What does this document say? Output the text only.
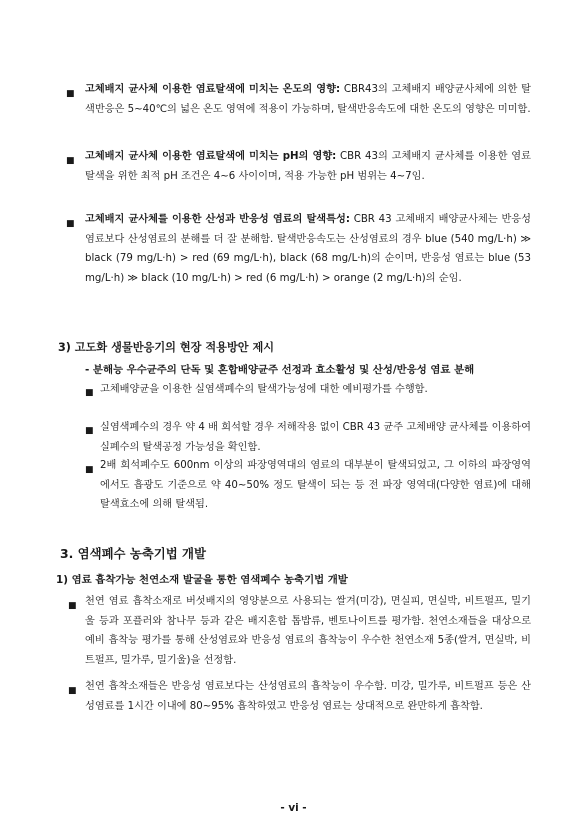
■ 고체배지 균사체 이용한 염료탈색에 미치는 온도의 영향: CBR43의 고체배지 배양균사체에 의한 탈색반응은 5~40℃의 넓은 온도 영역에 적용이 가능하며, 탈색반응속도에 대한 온도의 영향은 미미함.
■ 고체배지 균사체 이용한 염료탈색에 미치는 pH의 영향: CBR 43의 고체배지 균사체를 이용한 염료 탈색을 위한 최적 pH 조건은 4~6 사이이며, 적용 가능한 pH 범위는 4~7임.
■ 고체배지 균사체를 이용한 산성과 반응성 염료의 탈색특성: CBR 43 고체배지 배양균사체는 반응성 염료보다 산성염료의 분해를 더 잘 분해함. 탈색반응속도는 산성염료의 경우 blue (540 mg/L·h) ≫ black (79 mg/L·h) > red (69 mg/L·h), black (68 mg/L·h)의 순이며, 반응성 염료는 blue (53 mg/L·h) ≫ black (10 mg/L·h) > red (6 mg/L·h) > orange (2 mg/L·h)의 순임.
3) 고도화 생물반응기의 현장 적용방안 제시
- 분해능 우수균주의 단독 및 혼합배양균주 선정과 효소활성 및 산성/반응성 염료 분해
■ 고체배양균을 이용한 실염색폐수의 탈색가능성에 대한 예비평가를 수행함.
■ 실염색폐수의 경우 약 4 배 희석할 경우 저해작용 없이 CBR 43 균주 고체배양 균사체를 이용하여 실폐수의 탈색공정 가능성을 확인함.
■ 2배 희석폐수도 600nm 이상의 파장영역대의 염료의 대부분이 탈색되었고, 그 이하의 파장영역에서도 흡광도 기준으로 약 40~50% 정도 탈색이 되는 등 전 파장 영역대(다양한 염료)에 대해 탈색효소에 의해 탈색됨.
3. 염색폐수 농축기법 개발
1) 염료 흡착가능 천연소재 발굴을 통한 염색폐수 농축기법 개발
■ 천연 염료 흡착소재로 버섯배지의 영양분으로 사용되는 쌀겨(미강), 면실피, 면실박, 비트펄프, 밀기울 등과 포플러와 참나무 등과 같은 배지혼합 톱밥류, 벤토나이트를 평가함. 천연소재들을 대상으로 예비 흡착능 평가를 통해 산성염료와 반응성 염료의 흡착능이 우수한 천연소재 5종(쌀겨, 면실박, 비트펄프, 밀가루, 밀기울)을 선정함.
■ 천연 흡착소재들은 반응성 염료보다는 산성염료의 흡착능이 우수함. 미강, 밀가루, 비트펄프 등은 산성염료를 1시간 이내에 80~95% 흡착하였고 반응성 염료는 상대적으로 완만하게 흡착함.
- vi -
